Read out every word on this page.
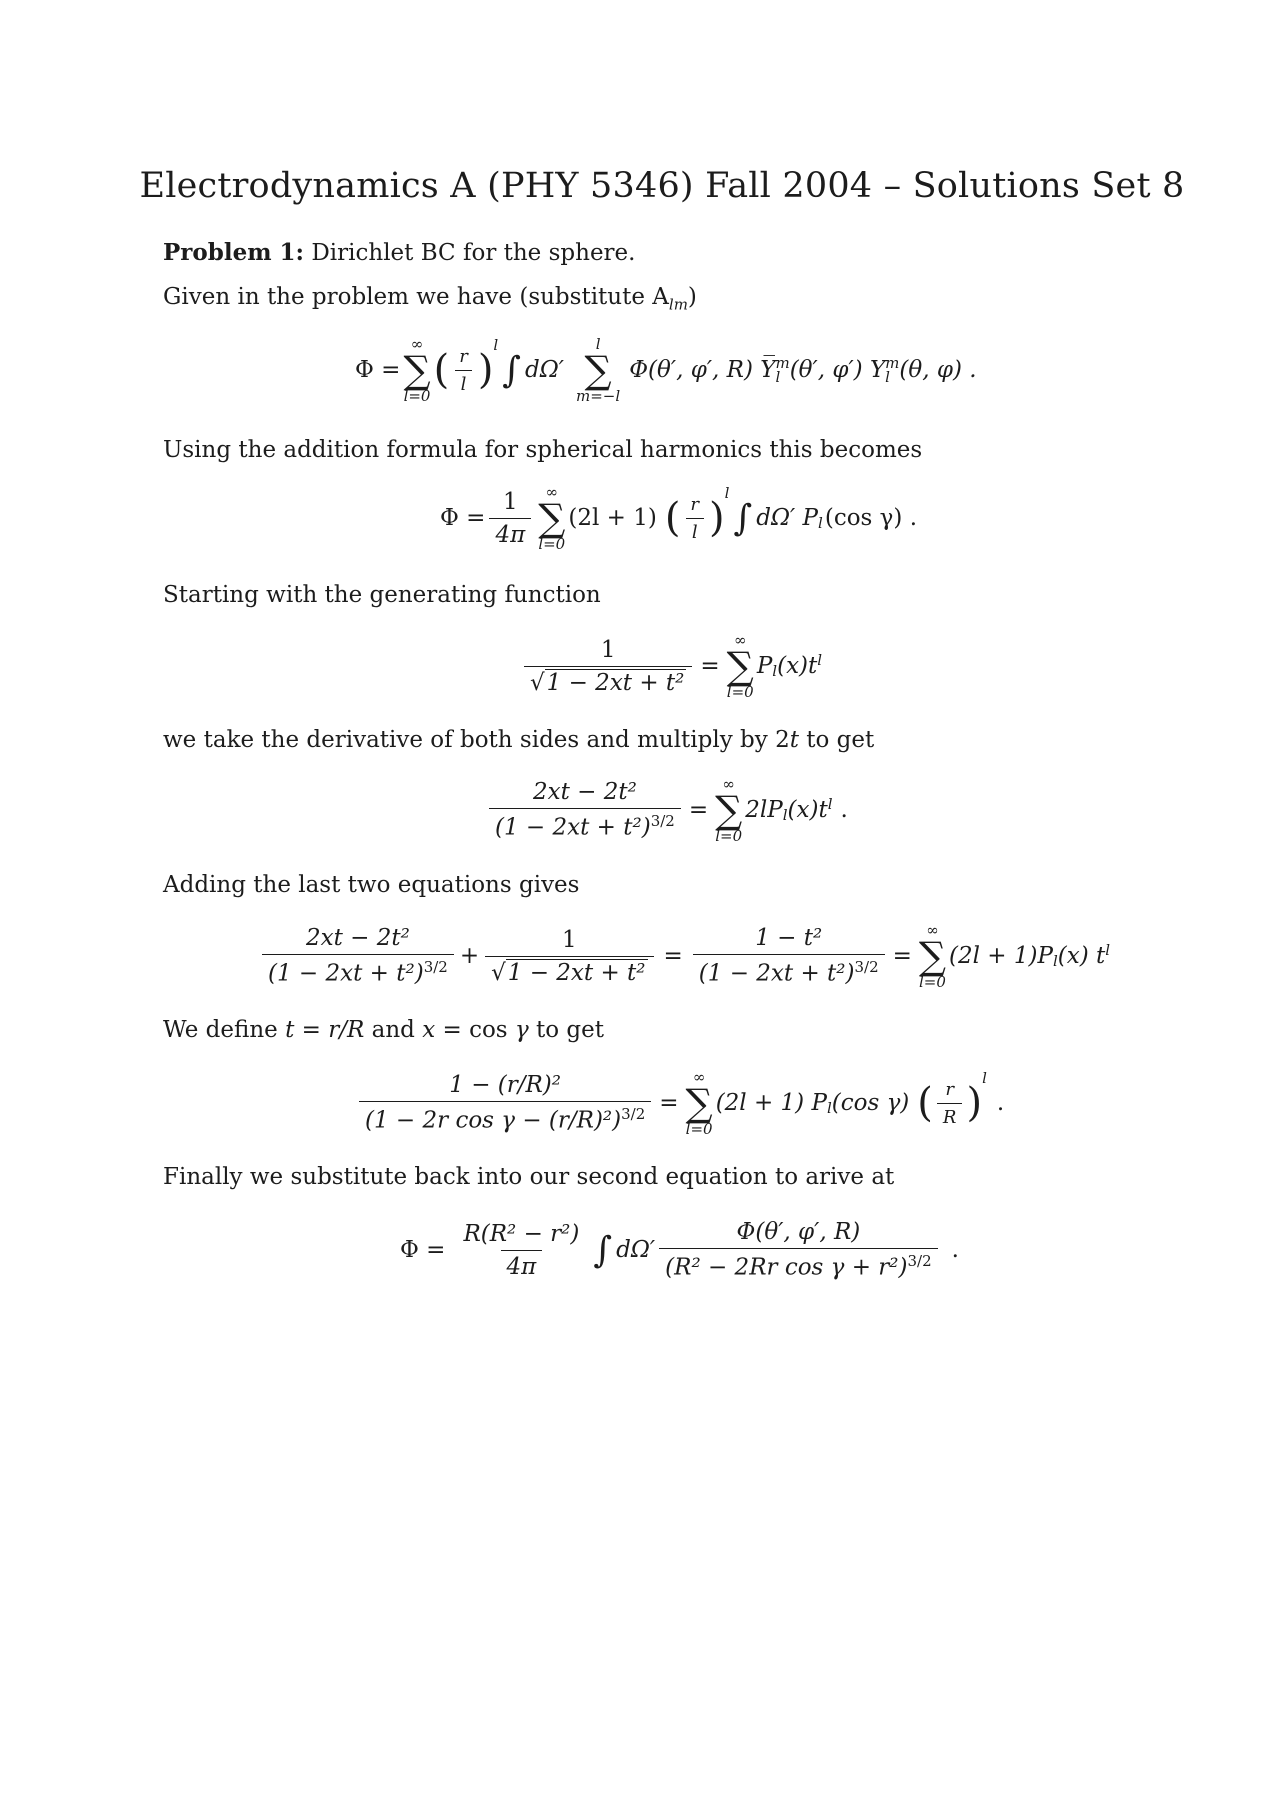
Electrodynamics A (PHY 5346) Fall 2004 – Solutions Set 8
Problem 1: Dirichlet BC for the sphere.
Given in the problem we have (substitute $A_{lm}$)
Φ =
∞
∑
l=0
( $\frac{r}{l}$ )
$^l$
∫ dΩ′
l
∑
m=−l
Φ(θ′, φ′, R) Y̅ m
l (θ′, φ′) Y m
l (θ, φ) .
Using the addition formula for spherical harmonics this becomes
$\Phi = \frac{1}{4\pi}$ ∞
∑
l=0
(2l + 1) ( $\frac{r}{l}$ )
$^l$
∫ dΩ′ $P_l$ (cos γ) .
Starting with the generating function
$\frac{1}{\text{√1 − 2xt + t²}}$ =
∞
∑
l=0
$P_l$ $(x)t^l$
we take the derivative of both sides and multiply by 2t to get
$\frac{\text{2xt − 2t²}}{(1 - 2xt + t^2)^{3/2}}$ =
∞
∑
l=0
$2lP_l$ $(x)t^l$ .
Adding the last two equations gives
$\frac{\text{2xt − 2t²}}{(1 - 2xt + t^2)^{3/2}} + \frac{1}{\text{√1 − 2xt + t²}} = \frac{\text{1 − t²}}{(1 - 2xt + t^2)^{3/2}}$ =
∞
∑
l=0
$(2l + 1)P_l$ (x) $t^l$
We define t = r/R and x = cos γ to get
$\frac{\text{1 − (r/R)²}}{(1 - 2r \cos \gamma - (r/R)^2)^{3/2}}$ =
∞
∑
l=0
(2l + 1) $P_l$ (cos γ) ( $\frac{r}{R}$ )
$^l$
.
Finally we substitute back into our second equation to arive at
$\Phi = \frac{\text{R(R² − r²)}}{4\pi}$ ∫ $d\Omega' \frac{\Phi(\theta', \varphi', R)}{(R^2 - 2Rr \cos \gamma + r^2)^{3/2}}$ .
